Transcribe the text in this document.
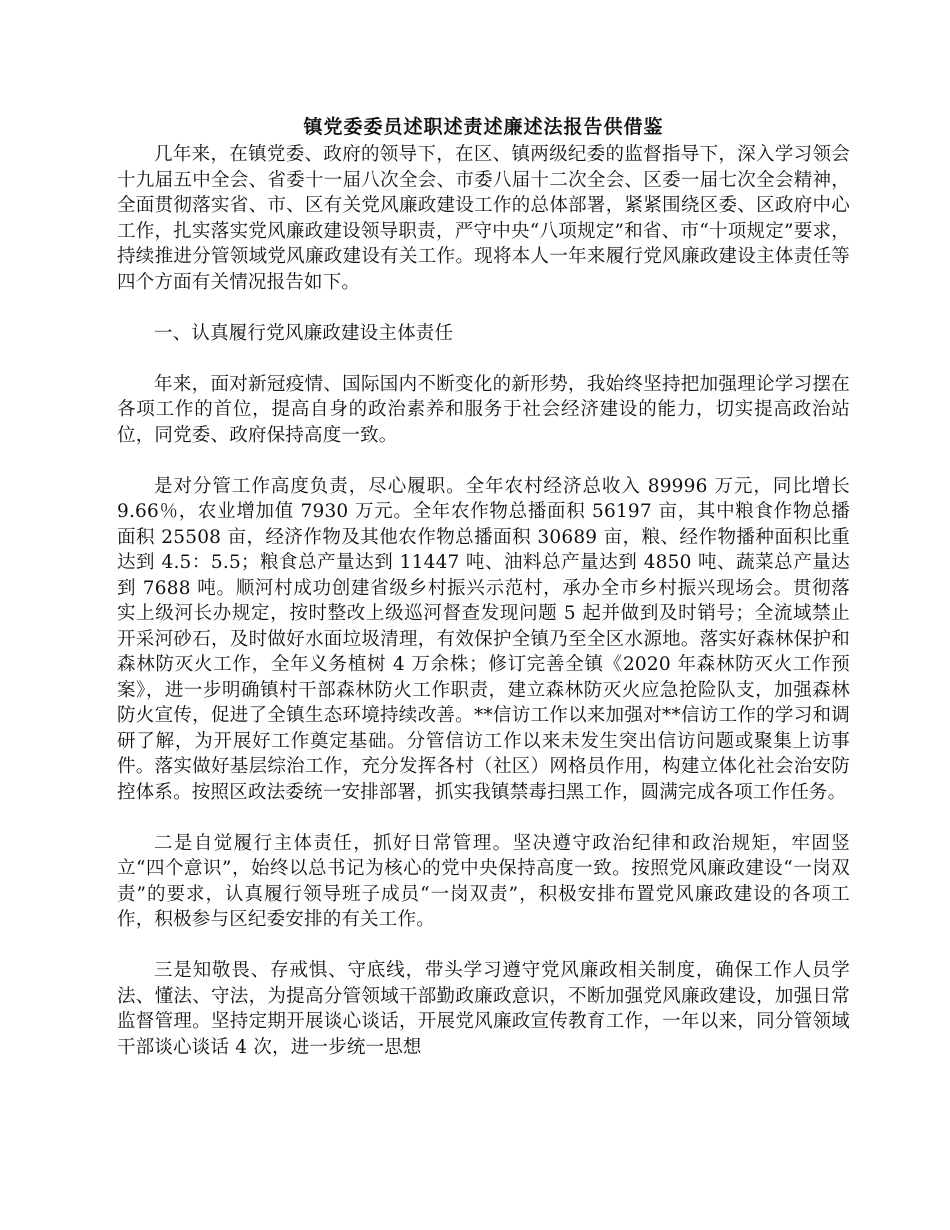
镇党委委员述职述责述廉述法报告供借鉴

几年来，在镇党委、政府的领导下，在区、镇两级纪委的监督指导下，深入学习领会十九届五中全会、省委十一届八次全会、市委八届十二次全会、区委一届七次全会精神，全面贯彻落实省、市、区有关党风廉政建设工作的总体部署，紧紧围绕区委、区政府中心工作，扎实落实党风廉政建设领导职责，严守中央“八项规定”和省、市“十项规定”要求，持续推进分管领域党风廉政建设有关工作。现将本人一年来履行党风廉政建设主体责任等四个方面有关情况报告如下。

一、认真履行党风廉政建设主体责任

年来，面对新冠疫情、国际国内不断变化的新形势，我始终坚持把加强理论学习摆在各项工作的首位，提高自身的政治素养和服务于社会经济建设的能力，切实提高政治站位，同党委、政府保持高度一致。

是对分管工作高度负责，尽心履职。全年农村经济总收入 89996 万元，同比增长 9.66％，农业增加值 7930 万元。全年农作物总播面积 56197 亩，其中粮食作物总播面积 25508 亩，经济作物及其他农作物总播面积 30689 亩，粮、经作物播种面积比重达到 4.5：5.5；粮食总产量达到 11447 吨、油料总产量达到 4850 吨、蔬菜总产量达到 7688 吨。顺河村成功创建省级乡村振兴示范村，承办全市乡村振兴现场会。贯彻落实上级河长办规定，按时整改上级巡河督查发现问题 5 起并做到及时销号；全流域禁止开采河砂石，及时做好水面垃圾清理，有效保护全镇乃至全区水源地。落实好森林保护和森林防灭火工作，全年义务植树 4 万余株；修订完善全镇《2020 年森林防灭火工作预案》，进一步明确镇村干部森林防火工作职责，建立森林防灭火应急抢险队支，加强森林防火宣传，促进了全镇生态环境持续改善。**信访工作以来加强对**信访工作的学习和调研了解，为开展好工作奠定基础。分管信访工作以来未发生突出信访问题或聚集上访事件。落实做好基层综治工作，充分发挥各村（社区）网格员作用，构建立体化社会治安防控体系。按照区政法委统一安排部署，抓实我镇禁毒扫黑工作，圆满完成各项工作任务。

二是自觉履行主体责任，抓好日常管理。坚决遵守政治纪律和政治规矩，牢固竖立“四个意识”，始终以总书记为核心的党中央保持高度一致。按照党风廉政建设“一岗双责”的要求，认真履行领导班子成员“一岗双责”，积极安排布置党风廉政建设的各项工作，积极参与区纪委安排的有关工作。

三是知敬畏、存戒惧、守底线，带头学习遵守党风廉政相关制度，确保工作人员学法、懂法、守法，为提高分管领域干部勤政廉政意识，不断加强党风廉政建设，加强日常监督管理。坚持定期开展谈心谈话，开展党风廉政宣传教育工作，一年以来，同分管领域干部谈心谈话 4 次，进一步统一思想
